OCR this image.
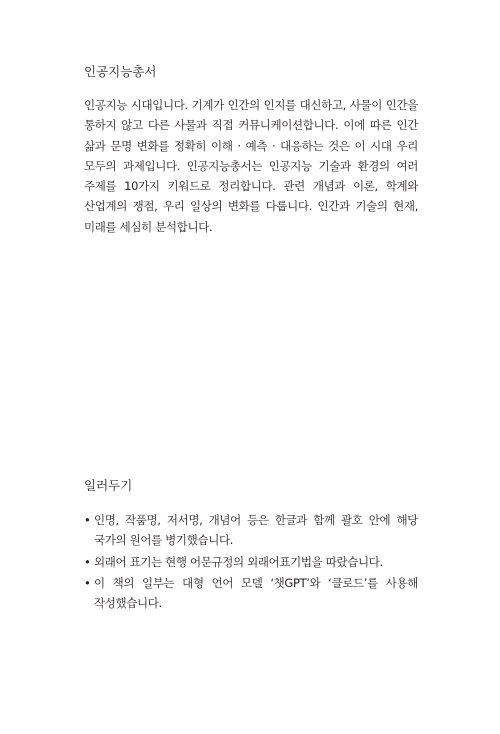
인공지능총서

인공지능 시대입니다. 기계가 인간의 인지를 대신하고, 사물이 인간을 통하지 않고 다른 사물과 직접 커뮤니케이션합니다. 이에 따른 인간 삶과 문명 변화를 정확히 이해 · 예측 · 대응하는 것은 이 시대 우리 모두의 과제입니다. 인공지능총서는 인공지능 기술과 환경의 여러 주제를 10가지 키워드로 정리합니다. 관련 개념과 이론, 학계와 산업계의 쟁점, 우리 일상의 변화를 다룹니다. 인간과 기술의 현재, 미래를 세심히 분석합니다.

일러두기
• 인명, 작품명, 저서명, 개념어 등은 한글과 함께 괄호 안에 해당 국가의 원어를 병기했습니다.
• 외래어 표기는 현행 어문규정의 외래어표기법을 따랐습니다.
• 이 책의 일부는 대형 언어 모델 ‘챗GPT’와 ‘클로드’를 사용해 작성했습니다.
